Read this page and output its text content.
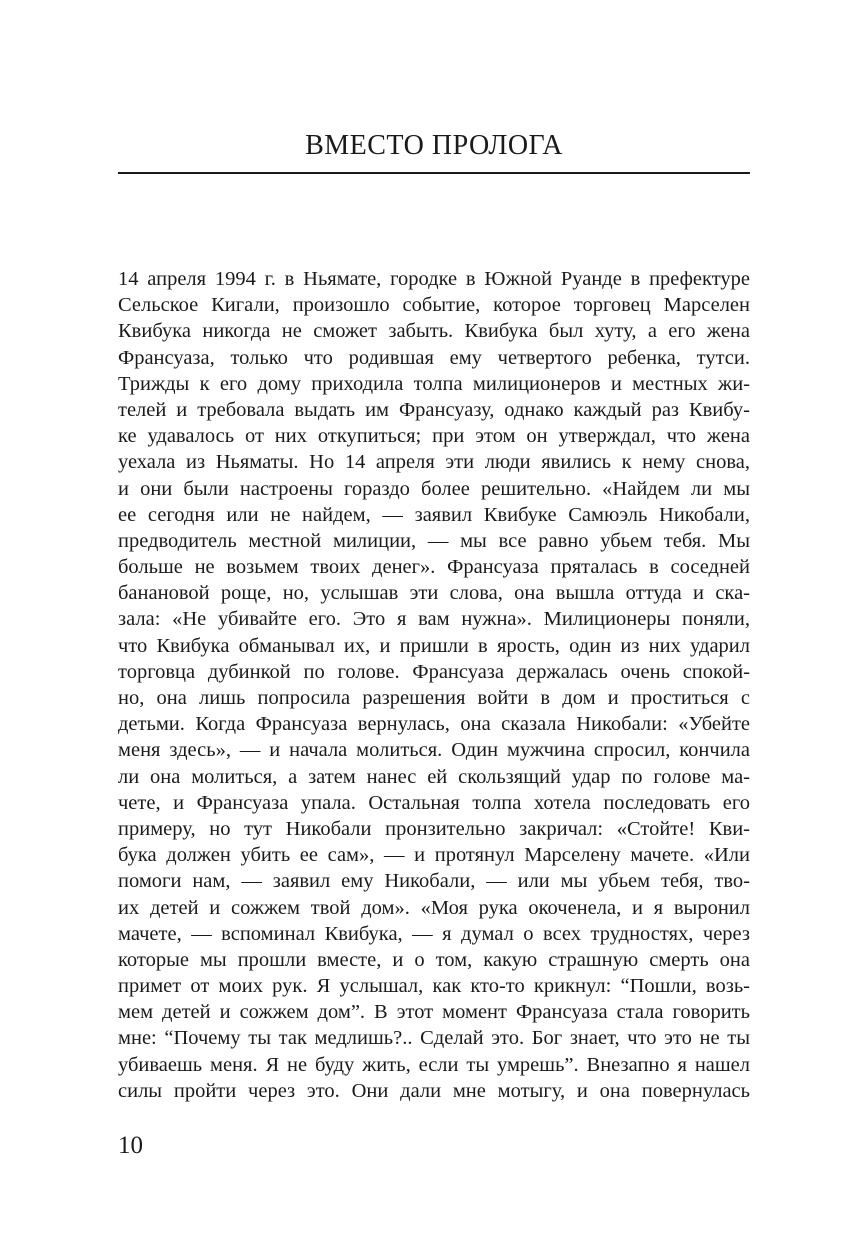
ВМЕСТО ПРОЛОГА
14 апреля 1994 г. в Ньямате, городке в Южной Руанде в префектуре
Сельское Кигали, произошло событие, которое торговец Марселен
Квибука никогда не сможет забыть. Квибука был хуту, а его жена
Франсуаза, только что родившая ему четвертого ребенка, тутси.
Трижды к его дому приходила толпа милиционеров и местных жи-
телей и требовала выдать им Франсуазу, однако каждый раз Квибу-
ке удавалось от них откупиться; при этом он утверждал, что жена
уехала из Ньяматы. Но 14 апреля эти люди явились к нему снова,
и они были настроены гораздо более решительно. «Найдем ли мы
ее сегодня или не найдем, — заявил Квибуке Самюэль Никобали,
предводитель местной милиции, — мы все равно убьем тебя. Мы
больше не возьмем твоих денег». Франсуаза пряталась в соседней
банановой роще, но, услышав эти слова, она вышла оттуда и ска-
зала: «Не убивайте его. Это я вам нужна». Милиционеры поняли,
что Квибука обманывал их, и пришли в ярость, один из них ударил
торговца дубинкой по голове. Франсуаза держалась очень спокой-
но, она лишь попросила разрешения войти в дом и проститься с
детьми. Когда Франсуаза вернулась, она сказала Никобали: «Убейте
меня здесь», — и начала молиться. Один мужчина спросил, кончила
ли она молиться, а затем нанес ей скользящий удар по голове ма-
чете, и Франсуаза упала. Остальная толпа хотела последовать его
примеру, но тут Никобали пронзительно закричал: «Стойте! Кви-
бука должен убить ее сам», — и протянул Марселену мачете. «Или
помоги нам, — заявил ему Никобали, — или мы убьем тебя, тво-
их детей и сожжем твой дом». «Моя рука окоченела, и я выронил
мачете, — вспоминал Квибука, — я думал о всех трудностях, через
которые мы прошли вместе, и о том, какую страшную смерть она
примет от моих рук. Я услышал, как кто-то крикнул: “Пошли, возь-
мем детей и сожжем дом”. В этот момент Франсуаза стала говорить
мне: “Почему ты так медлишь?.. Сделай это. Бог знает, что это не ты
убиваешь меня. Я не буду жить, если ты умрешь”. Внезапно я нашел
силы пройти через это. Они дали мне мотыгу, и она повернулась

10
